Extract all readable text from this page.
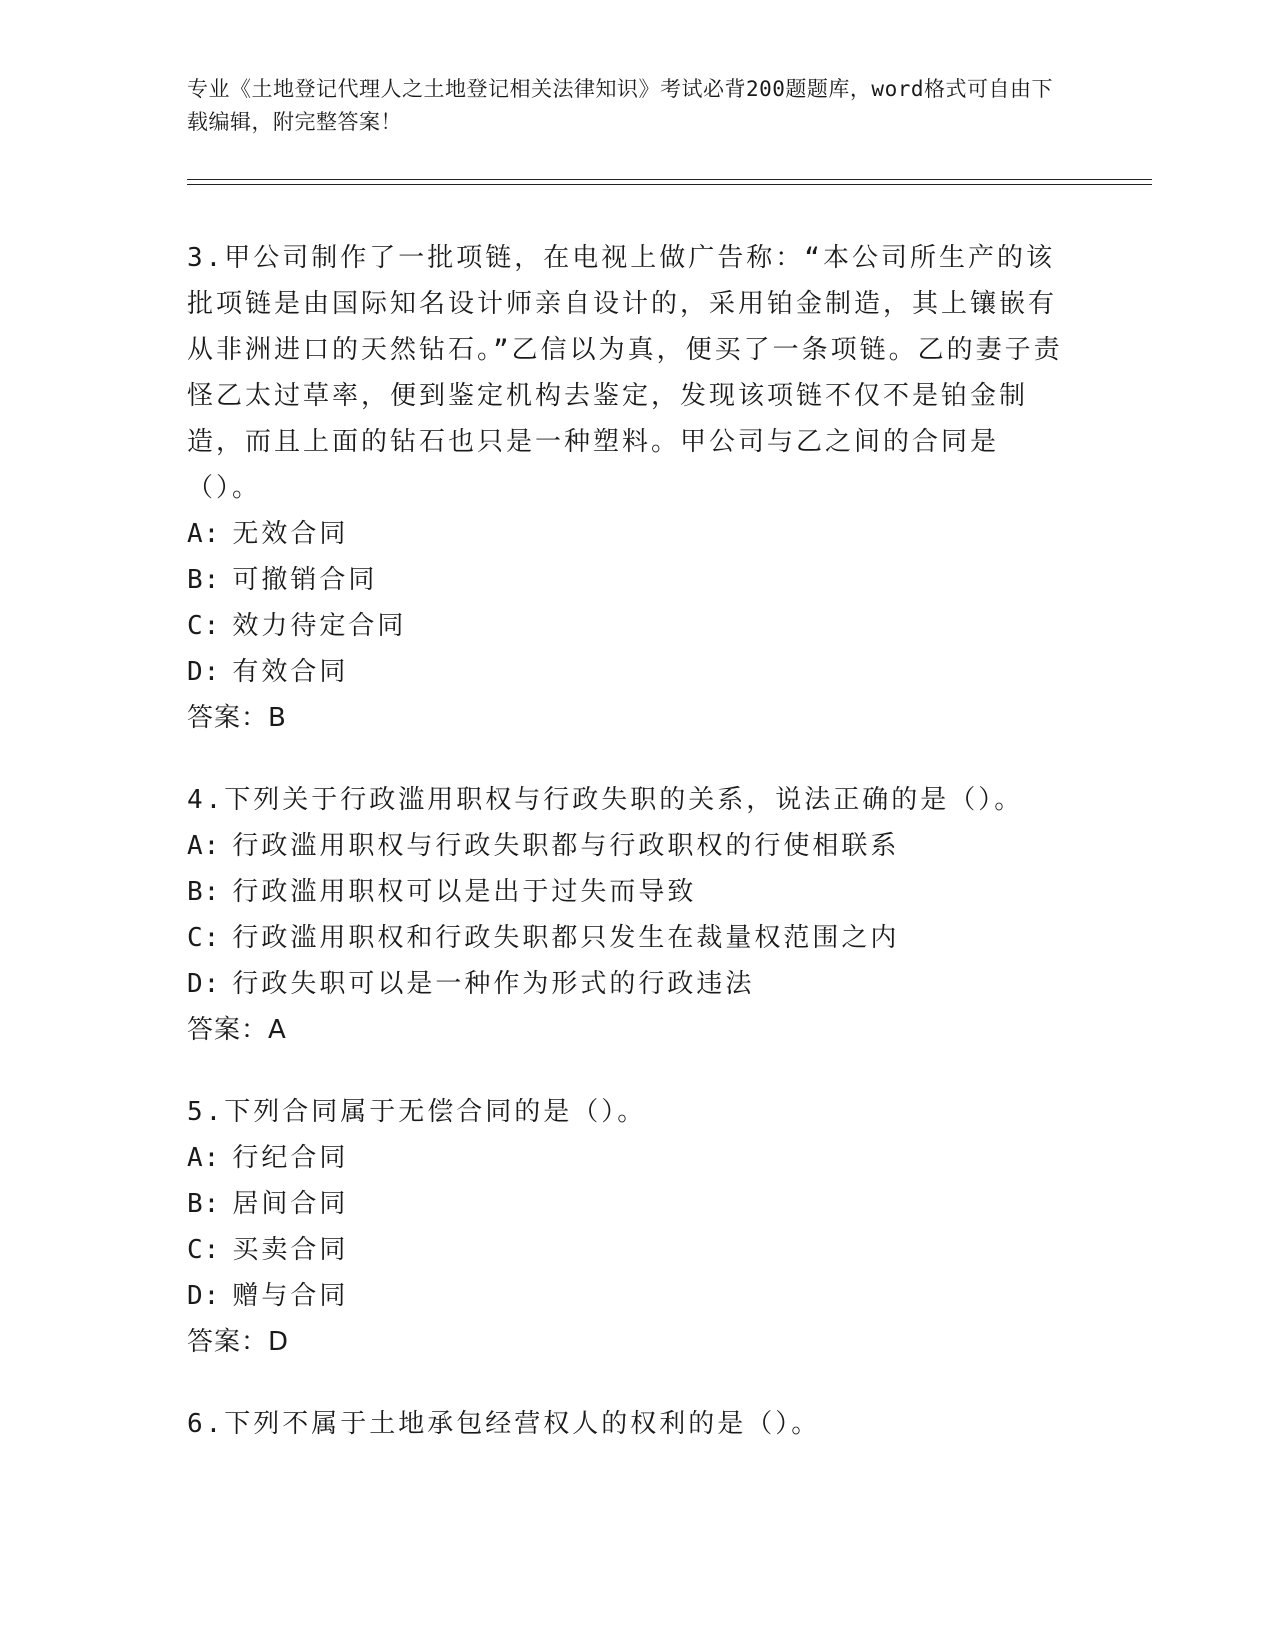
专业《土地登记代理人之土地登记相关法律知识》考试必背200题题库，word格式可自由下载编辑，附完整答案！
3.甲公司制作了一批项链，在电视上做广告称：“本公司所生产的该批项链是由国际知名设计师亲自设计的，采用铂金制造，其上镶嵌有从非洲进口的天然钻石。”乙信以为真，便买了一条项链。乙的妻子责怪乙太过草率，便到鉴定机构去鉴定，发现该项链不仅不是铂金制造，而且上面的钻石也只是一种塑料。甲公司与乙之间的合同是（）。
A: 无效合同
B: 可撤销合同
C: 效力待定合同
D: 有效合同
答案：B
4.下列关于行政滥用职权与行政失职的关系，说法正确的是（）。
A: 行政滥用职权与行政失职都与行政职权的行使相联系
B: 行政滥用职权可以是出于过失而导致
C: 行政滥用职权和行政失职都只发生在裁量权范围之内
D: 行政失职可以是一种作为形式的行政违法
答案：A
5.下列合同属于无偿合同的是（）。
A: 行纪合同
B: 居间合同
C: 买卖合同
D: 赠与合同
答案：D
6.下列不属于土地承包经营权人的权利的是（）。
